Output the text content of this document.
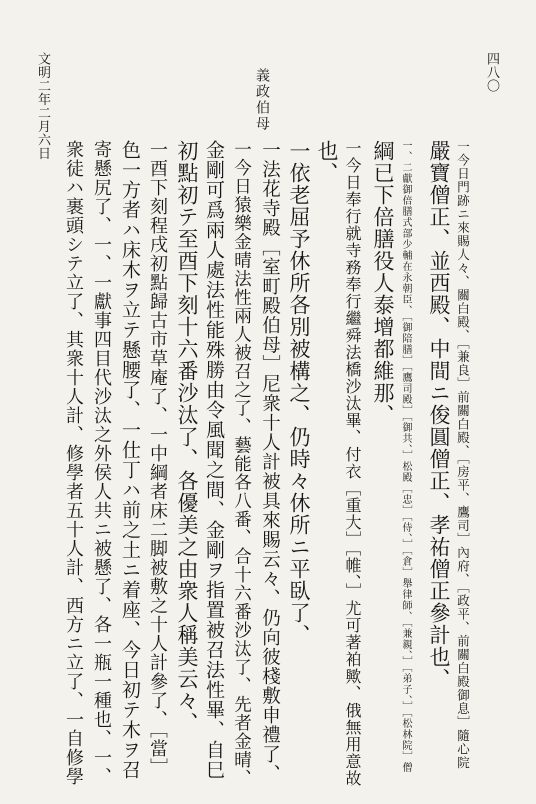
四八〇
文明二年二月六日	義政伯母
一今日門跡ニ來賜人々、關白殿、［兼良］前關白殿、［房平、鷹司］內府、［政平、前關白殿御息］隨心院
嚴寶僧正、並西殿、中間ニ俊圓僧正、孝祐僧正參計也、
一、二獻御倍膳式部少輔在永朝臣、［御陪膳］［鷹司殿］［御共、］松殿［忠］［侍、］［倉］舉律師、［兼親、］［弟子、］［松林院］僧
綱已下倍膳役人泰增都維那、
一今日奉行就寺務奉行繼舜法橋沙汰畢、付衣［重大］［帷、］尤可著袙歟、俄無用意故
也、
一依老屈予休所各別被構之、仍時々休所ニ平臥了、
一法花寺殿［室町殿伯母］尼衆十人計被具來賜云々、仍向彼棧敷申禮了、
一今日猿樂金晴法性兩人被召之了、藝能各八番、合十六番沙汰了、先者金晴、
金剛可爲兩人處法性能殊勝由令風聞之間、金剛ヲ指置被召法性畢、自巳
初點初テ至酉下刻十六番沙汰了、各優美之由衆人稱美云々、
一酉下刻程戌初點歸古市草庵了、一中綱者床二脚被敷之十人計參了、［當］
色一方者ハ床木ヲ立テ懸腰了、一仕丁ハ前之土ニ着座、今日初テ木ヲ召
寄懸尻了、一、一獻事四目代沙汰之外侯人共ニ被懸了、各一瓶一種也、一、
衆徒ハ裹頭シテ立了、其衆十人計、修學者五十人計、西方ニ立了、一自修學
